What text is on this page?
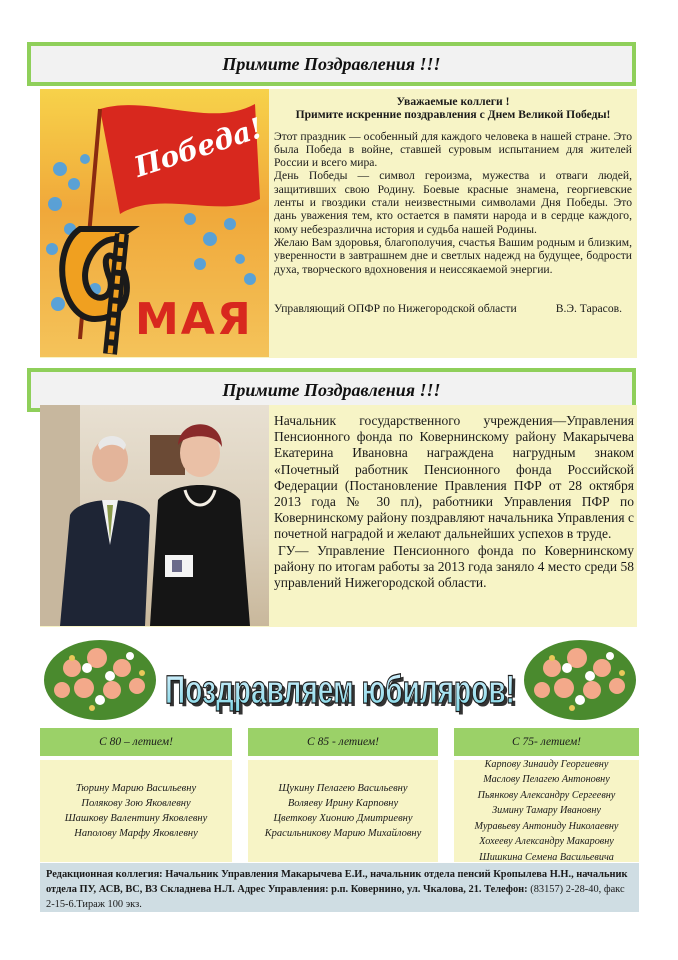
Примите Поздравления !!!
Победа!
МАЯ

Уважаемые коллеги !

Примите искренние поздравления с Днем Великой Победы!

Этот праздник — особенный для каждого человека в нашей стране. Это была Победа в войне, ставшей суровым испытанием для жителей России и всего мира.

День Победы — символ героизма, мужества и отваги людей, защитивших свою Родину. Боевые красные знамена, георгиевские ленты и гвоздики стали неизвестными символами Дня Победы. Это дань уважения тем, кто остается в памяти народа и в сердце каждого, кому небезразлична история и судьба нашей Родины.

Желаю Вам здоровья, благополучия, счастья Вашим родным и близким, уверенности в завтрашнем дне и светлых надежд на будущее, бодрости духа, творческого вдохновения и неиссякаемой энергии.

Управляющий ОПФР по Нижегородской области	В.Э. Тарасов.
Примите Поздравления !!!

Начальник государственного учреждения—Управления Пенсионного фонда по Ковернинскому району Макарычева Екатерина Ивановна награждена нагрудным знаком «Почетный работник Пенсионного фонда Российской Федерации (Постановление Правления ПФР от 28 октября 2013 года № 30 пл), работники Управления ПФР по Ковернинскому району поздравляют начальника Управления с почетной наградой и желают дальнейших успехов в труде.

ГУ— Управление Пенсионного фонда по Ковернинскому району по итогам работы за 2013 года заняло 4 место среди 58 управлений Нижегородской области.

Поздравляем юбиляров!
Поздравляем юбиляров!
С 80 – летием!
Тюрину Марию Васильевну
Полякову Зою Яковлевну
Шашкову Валентину Яковлевну
Наполову Марфу Яковлевну
С 85 - летием!
Щукину Пелагею Васильевну
Воляеву Ирину Карповну
Цветкову Хионию Дмитриевну
Красильникову Марию Михайловну
С 75- летием!
Карпову Зинаиду Георгиевну
Маслову Пелагею Антоновну
Пьянкову Александру Сергеевну
Зимину Тамару Ивановну
Муравьеву Антониду Николаевну
Хохееву Александру Макаровну
Шишкина Семена Васильевича
Редакционная коллегия: Начальник Управления Макарычева Е.И., начальник отдела пенсий Кропылева Н.Н., начальник отдела ПУ, АСВ, ВС, ВЗ Складнева Н.Л. Адрес Управления: р.п. Ковернино, ул. Чкалова, 21. Телефон: (83157) 2-28-40, факс 2-15-6.Тираж 100 экз.
